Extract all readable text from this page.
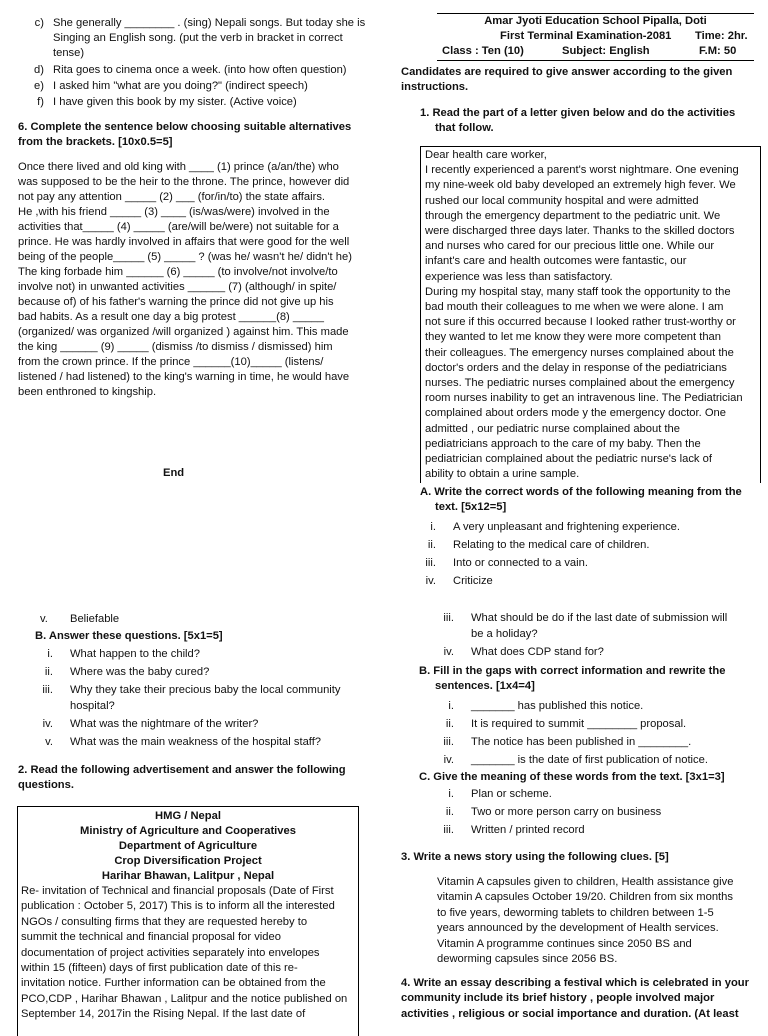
c) She generally ________ . (sing) Nepali songs. But today she is
Singing an English song. (put the verb in bracket in correct
tense)
d) Rita goes to cinema once a week. (into how often question)
e) I asked him "what are you doing?" (indirect speech)
f) I have given this book by my sister. (Active voice)
6. Complete the sentence below choosing suitable alternatives
from the brackets. [10x0.5=5]
Once there lived and old king with ____ (1) prince (a/an/the) who
was supposed to be the heir to the throne. The prince, however did
not pay any attention _____ (2) ___ (for/in/to) the state affairs.
He ,with his friend _____ (3) ____ (is/was/were) involved in the
activities that_____ (4) _____ (are/will be/were) not suitable for a
prince. He was hardly involved in affairs that were good for the well
being of the people_____ (5) _____ ? (was he/ wasn't he/ didn't he)
The king forbade him ______ (6) _____ (to involve/not involve/to
involve not) in unwanted activities ______ (7) (although/ in spite/
because of) of his father's warning the prince did not give up his
bad habits. As a result one day a big protest ______(8) _____
(organized/ was organized /will organized ) against him. This made
the king ______ (9) _____ (dismiss /to dismiss / dismissed) him
from the crown prince. If the prince ______(10)_____ (listens/
listened / had listened) to the king's warning in time, he would have
been enthroned to kingship.
End
v. Beliefable
B. Answer these questions. [5x1=5]
i. What happen to the child?
ii. Where was the baby cured?
iii. Why they take their precious baby the local community
hospital?
iv. What was the nightmare of the writer?
v. What was the main weakness of the hospital staff?
2. Read the following advertisement and answer the following
questions.
HMG / Nepal
Ministry of Agriculture and Cooperatives
Department of Agriculture
Crop Diversification Project
Harihar Bhawan, Lalitpur , Nepal
Re- invitation of Technical and financial proposals (Date of First
publication : October 5, 2017) This is to inform all the interested
NGOs / consulting firms that they are requested hereby to
summit the technical and financial proposal for video
documentation of project activities separately into envelopes
within 15 (fifteen) days of first publication date of this re-
invitation notice. Further information can be obtained from the
PCO,CDP , Harihar Bhawan , Lalitpur and the notice published on
September 14, 2017in the Rising Nepal. If the last date of
Amar Jyoti Education School Pipalla, Doti
First Terminal Examination-2081 Time: 2hr.
Class : Ten (10)	Subject: English	F.M: 50
Candidates are required to give answer according to the given
instructions.
1. Read the part of a letter given below and do the activities
that follow.
Dear health care worker,
I recently experienced a parent's worst nightmare. One evening
my nine-week old baby developed an extremely high fever. We
rushed our local community hospital and were admitted
through the emergency department to the pediatric unit. We
were discharged three days later. Thanks to the skilled doctors
and nurses who cared for our precious little one. While our
infant's care and health outcomes were fantastic, our
experience was less than satisfactory.
During my hospital stay, many staff took the opportunity to the
bad mouth their colleagues to me when we were alone. I am
not sure if this occurred because I looked rather trust-worthy or
they wanted to let me know they were more competent than
their colleagues. The emergency nurses complained about the
doctor's orders and the delay in response of the pediatricians
nurses. The pediatric nurses complained about the emergency
room nurses inability to get an intravenous line. The Pediatrician
complained about orders mode y the emergency doctor. One
admitted , our pediatric nurse complained about the
pediatricians approach to the care of my baby. Then the
pediatrician complained about the pediatric nurse's lack of
ability to obtain a urine sample.
A. Write the correct words of the following meaning from the
text. [5x12=5]
i. A very unpleasant and frightening experience.
ii. Relating to the medical care of children.
iii. Into or connected to a vain.
iv. Criticize
iii. What should be do if the last date of submission will
be a holiday?
iv. What does CDP stand for?
B. Fill in the gaps with correct information and rewrite the
sentences. [1x4=4]
i. _______ has published this notice.
ii. It is required to summit ________ proposal.
iii. The notice has been published in ________.
iv. _______ is the date of first publication of notice.
C. Give the meaning of these words from the text. [3x1=3]
i. Plan or scheme.
ii. Two or more person carry on business
iii. Written / printed record
3. Write a news story using the following clues. [5]
Vitamin A capsules given to children, Health assistance give
vitamin A capsules October 19/20. Children from six months
to five years, deworming tablets to children between 1-5
years announced by the development of Health services.
Vitamin A programme continues since 2050 BS and
deworming capsules since 2056 BS.
4. Write an essay describing a festival which is celebrated in your
community include its brief history , people involved major
activities , religious or social importance and duration. (At least
